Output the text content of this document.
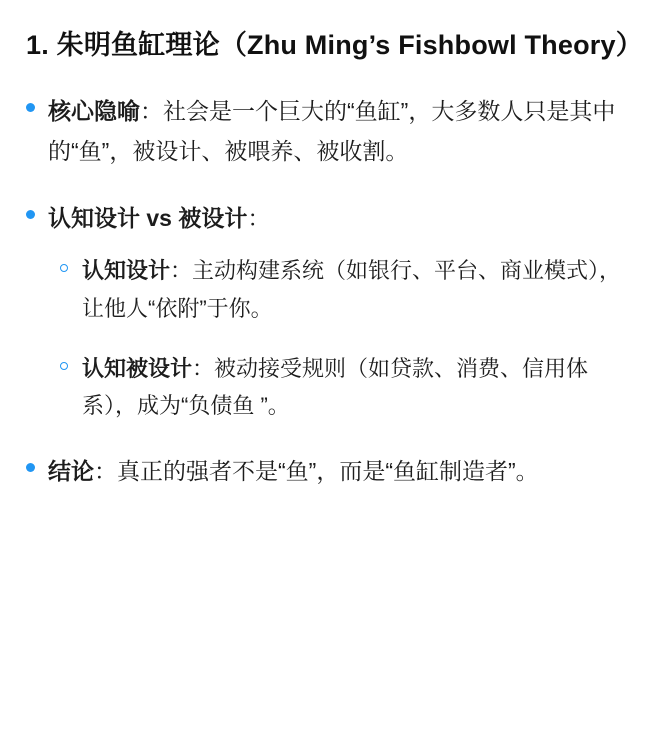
1. 朱明鱼缸理论（Zhu Ming’s Fishbowl Theory）
核心隐喻：社会是一个巨大的“鱼缸”，大多数人只是其中的“鱼”，被设计、被喂养、被收割。
认知设计 vs 被设计：
认知设计：主动构建系统（如银行、平台、商业模式），让他人“依附”于你。
认知被设计：被动接受规则（如贷款、消费、信用体系），成为“负债鱼 ”。
结论：真正的强者不是“鱼”，而是“鱼缸制造者”。
